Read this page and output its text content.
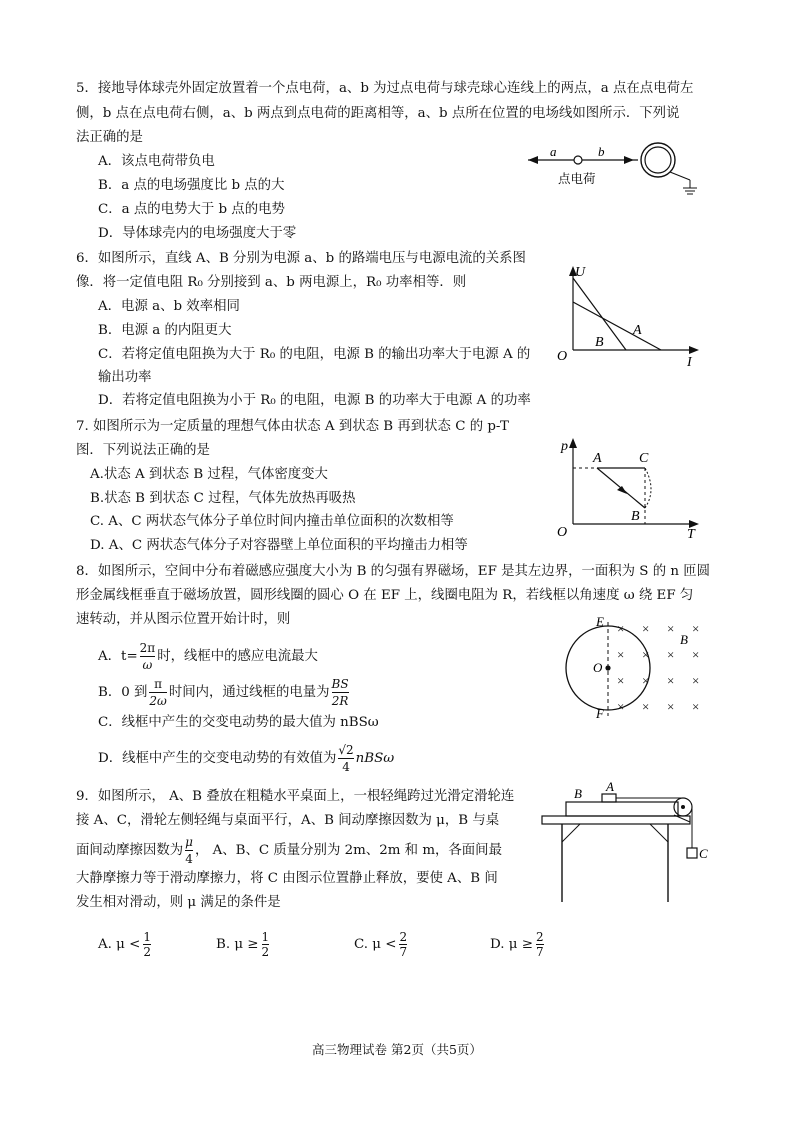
5．接地导体球壳外固定放置着一个点电荷，a、b 为过点电荷与球壳球心连线上的两点，a 点在点电荷左
侧，b 点在点电荷右侧，a、b 两点到点电荷的距离相等，a、b 点所在位置的电场线如图所示．下列说
法正确的是
A．该点电荷带负电
B．a 点的电场强度比 b 点的大
C．a 点的电势大于 b 点的电势
D．导体球壳内的电场强度大于零
a	b
点电荷
6．如图所示，直线 A、B 分别为电源 a、b 的路端电压与电源电流的关系图
像．将一定值电阻 R₀ 分别接到 a、b 两电源上，R₀ 功率相等．则
A．电源 a、b 效率相同
B．电源 a 的内阻更大
C．若将定值电阻换为大于 R₀ 的电阻，电源 B 的输出功率大于电源 A 的
输出功率
D．若将定值电阻换为小于 R₀ 的电阻，电源 B 的功率大于电源 A 的功率
U
I
O
A
B
7. 如图所示为一定质量的理想气体由状态 A 到状态 B 再到状态 C 的 p-T
图．下列说法正确的是
A.状态 A 到状态 B 过程，气体密度变大
B.状态 B 到状态 C 过程，气体先放热再吸热
C. A、C 两状态气体分子单位时间内撞击单位面积的次数相等
D. A、C 两状态气体分子对容器壁上单位面积的平均撞击力相等
p
T
O
A	C
B
8．如图所示，空间中分布着磁感应强度大小为 B 的匀强有界磁场，EF 是其左边界，一面积为 S 的 n 匝圆
形金属线框垂直于磁场放置，圆形线圈的圆心 O 在 EF 上，线圈电阻为 R，若线框以角速度 ω 绕 EF 匀
速转动，并从图示位置开始计时，则
A．$t= \frac{2\pi}{\omega}$ 时，线框中的感应电流最大
B．0 到 $\frac{\pi}{2\omega}$ 时间内，通过线框的电量为 $\frac{BS}{2R}$
C．线框中产生的交变电动势的最大值为 nBSω
D．线框中产生的交变电动势的有效值为 $\frac{√2}{4}$ nBSω
E
F
O
B
× × × ×
× × × ×
× × × ×
× × × ×
9．如图所示， A、B 叠放在粗糙水平桌面上，一根轻绳跨过光滑定滑轮连
接 A、C，滑轮左侧轻绳与桌面平行，A、B 间动摩擦因数为 μ，B 与桌
面间动摩擦因数为 $\frac{\mu}{4}$ ， A、B、C 质量分别为 2m、2m 和 m，各面间最
大静摩擦力等于滑动摩擦力，将 C 由图示位置静止释放，要使 A、B 间
发生相对滑动，则 μ 满足的条件是
A. $\mu < \frac{1}{2}$	B. $\mu \ge \frac{1}{2}$	C. $\mu < \frac{2}{7}$	D. $\mu \ge \frac{2}{7}$
A
B
C
高三物理试卷 第2页（共5页）
